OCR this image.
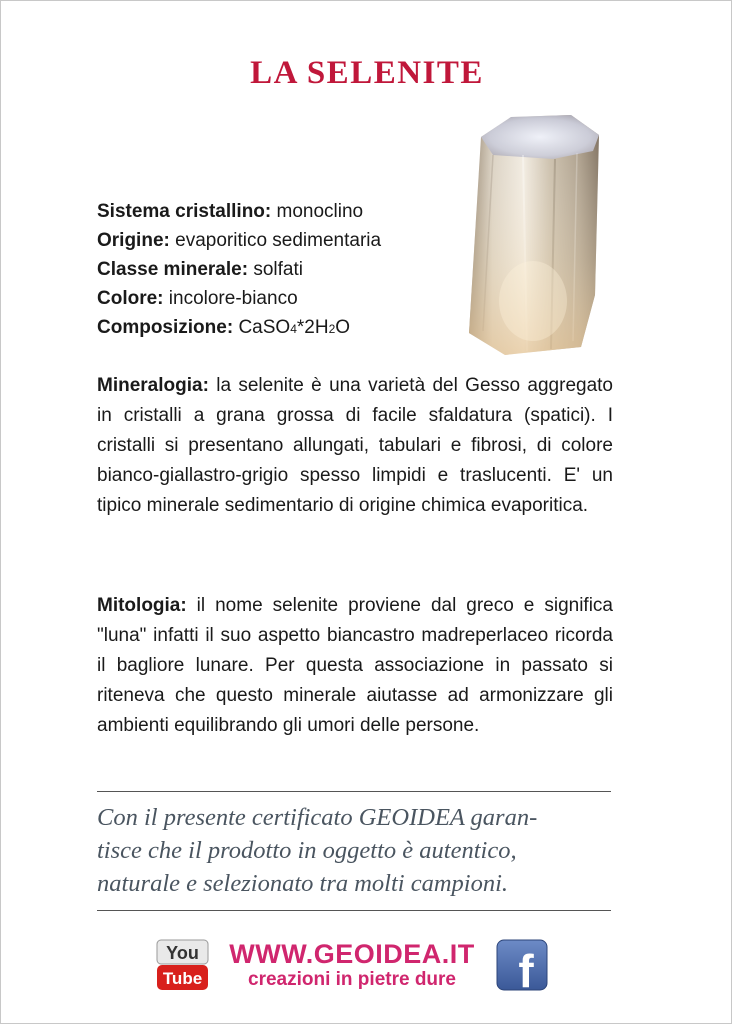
LA SELENITE
Sistema cristallino: monoclino
Origine: evaporitico sedimentaria
Classe minerale: solfati
Colore: incolore-bianco
Composizione: CaSO4*2H2O
Mineralogia: la selenite è una varietà del Gesso aggregato in cristalli a grana grossa di facile sfaldatura (spatici). I cristalli si presentano allungati, tabulari e fibrosi, di colore bianco-giallastro-grigio spesso limpidi e traslucenti. E' un tipico minerale sedimentario di origine chimica evaporitica.
Mitologia: il nome selenite proviene dal greco e significa "luna" infatti il suo aspetto biancastro madreperlaceo ricorda il bagliore lunare. Per questa associazione in passato si riteneva che questo minerale aiutasse ad armonizzare gli ambienti equilibrando gli umori delle persone.
Con il presente certificato GEOIDEA garan-
tisce che il prodotto in oggetto è autentico,
naturale e selezionato tra molti campioni.
You
Tube
WWW.GEOIDEA.IT
creazioni in pietre dure	f
